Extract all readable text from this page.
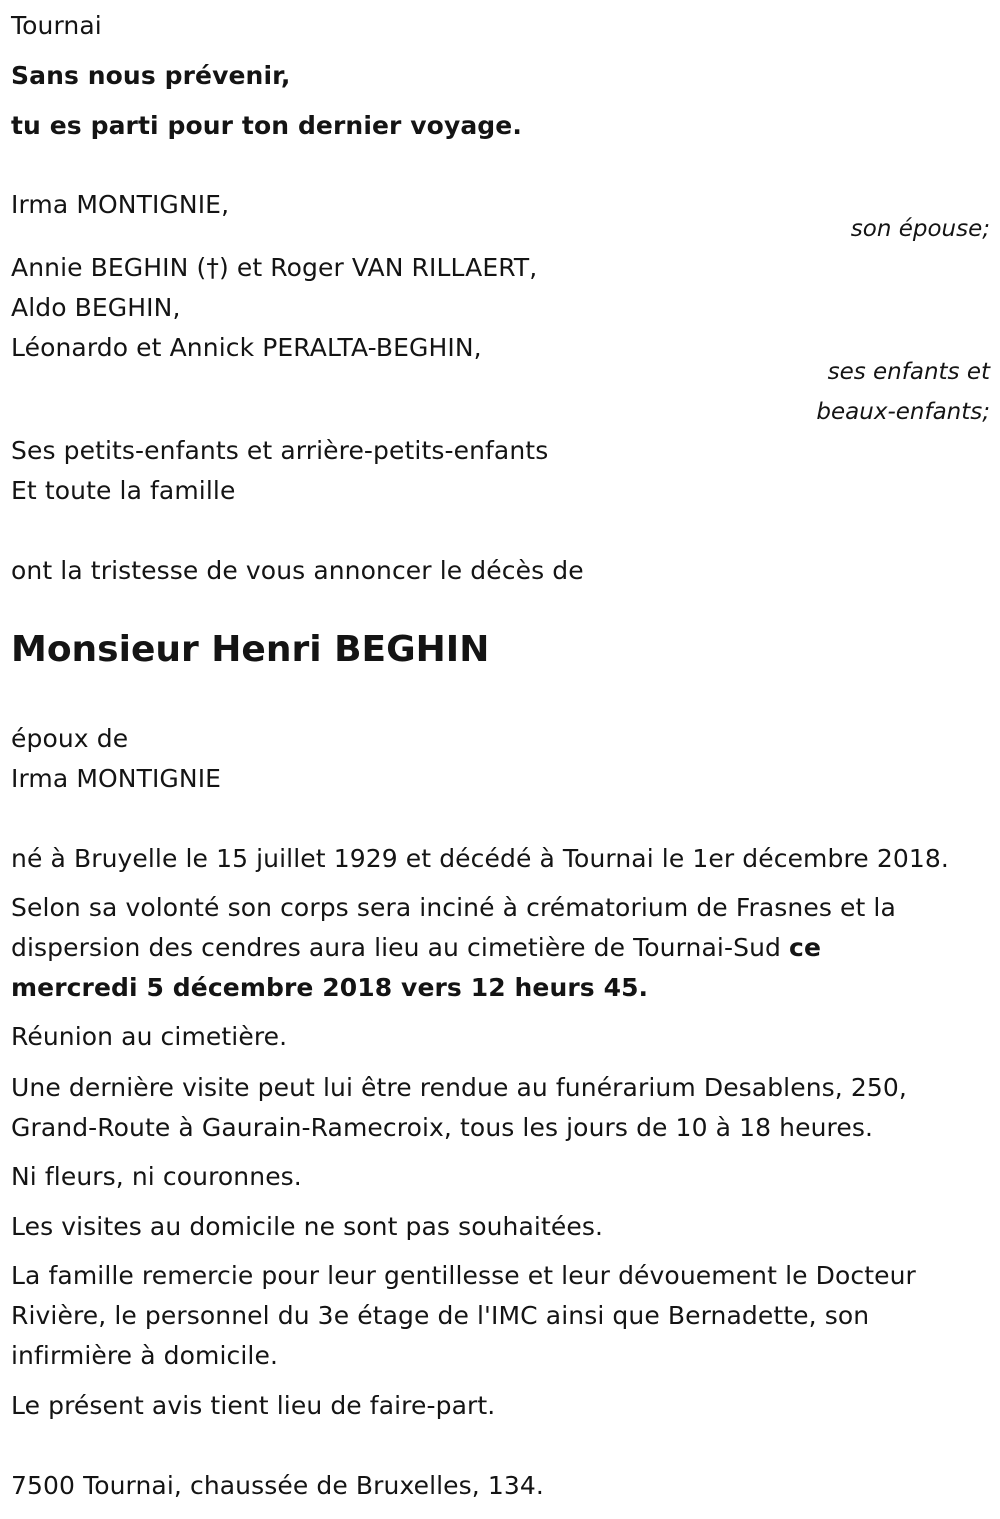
Tournai
Sans nous prévenir,
tu es parti pour ton dernier voyage.
Irma MONTIGNIE,
son épouse;
Annie BEGHIN (†) et Roger VAN RILLAERT,
Aldo BEGHIN,
Léonardo et Annick PERALTA-BEGHIN,
ses enfants et
beaux-enfants;
Ses petits-enfants et arrière-petits-enfants
Et toute la famille
ont la tristesse de vous annoncer le décès de
Monsieur Henri BEGHIN
époux de
Irma MONTIGNIE
né à Bruyelle le 15 juillet 1929 et décédé à Tournai le 1er décembre 2018.
Selon sa volonté son corps sera inciné à crématorium de Frasnes et la
dispersion des cendres aura lieu au cimetière de Tournai-Sud ce
mercredi 5 décembre 2018 vers 12 heurs 45.
Réunion au cimetière.
Une dernière visite peut lui être rendue au funérarium Desablens, 250,
Grand-Route à Gaurain-Ramecroix, tous les jours de 10 à 18 heures.
Ni fleurs, ni couronnes.
Les visites au domicile ne sont pas souhaitées.
La famille remercie pour leur gentillesse et leur dévouement le Docteur
Rivière, le personnel du 3e étage de l'IMC ainsi que Bernadette, son
infirmière à domicile.
Le présent avis tient lieu de faire-part.
7500 Tournai, chaussée de Bruxelles, 134.
